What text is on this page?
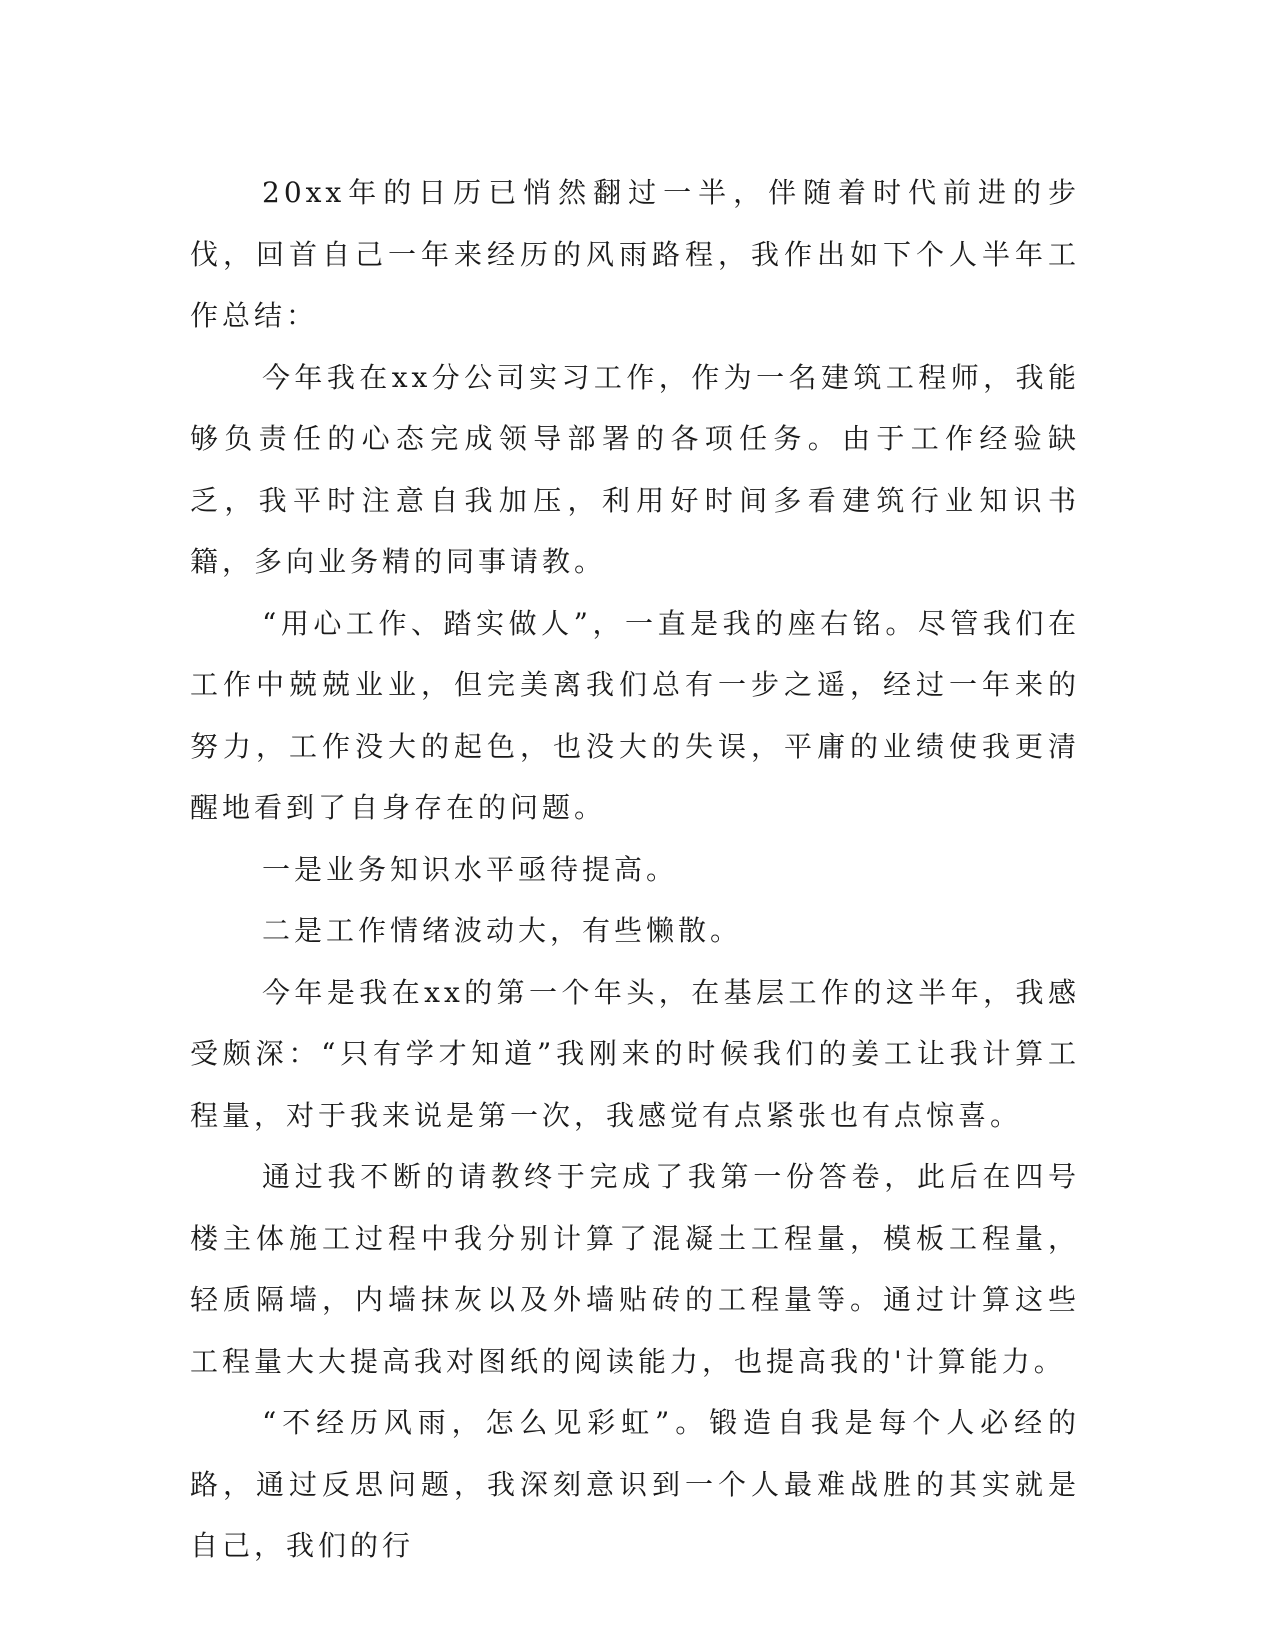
20xx年的日历已悄然翻过一半，伴随着时代前进的步伐，回首自己一年来经历的风雨路程，我作出如下个人半年工作总结：

今年我在xx分公司实习工作，作为一名建筑工程师，我能够负责任的心态完成领导部署的各项任务。由于工作经验缺乏，我平时注意自我加压，利用好时间多看建筑行业知识书籍，多向业务精的同事请教。

“用心工作、踏实做人”，一直是我的座右铭。尽管我们在工作中兢兢业业，但完美离我们总有一步之遥，经过一年来的努力，工作没大的起色，也没大的失误，平庸的业绩使我更清醒地看到了自身存在的问题。

一是业务知识水平亟待提高。

二是工作情绪波动大，有些懒散。

今年是我在xx的第一个年头，在基层工作的这半年，我感受颇深：“只有学才知道”我刚来的时候我们的姜工让我计算工程量，对于我来说是第一次，我感觉有点紧张也有点惊喜。

通过我不断的请教终于完成了我第一份答卷，此后在四号楼主体施工过程中我分别计算了混凝土工程量，模板工程量，轻质隔墙，内墙抹灰以及外墙贴砖的工程量等。通过计算这些工程量大大提高我对图纸的阅读能力，也提高我的'计算能力。

“不经历风雨，怎么见彩虹”。锻造自我是每个人必经的路，通过反思问题，我深刻意识到一个人最难战胜的其实就是自己，我们的行
